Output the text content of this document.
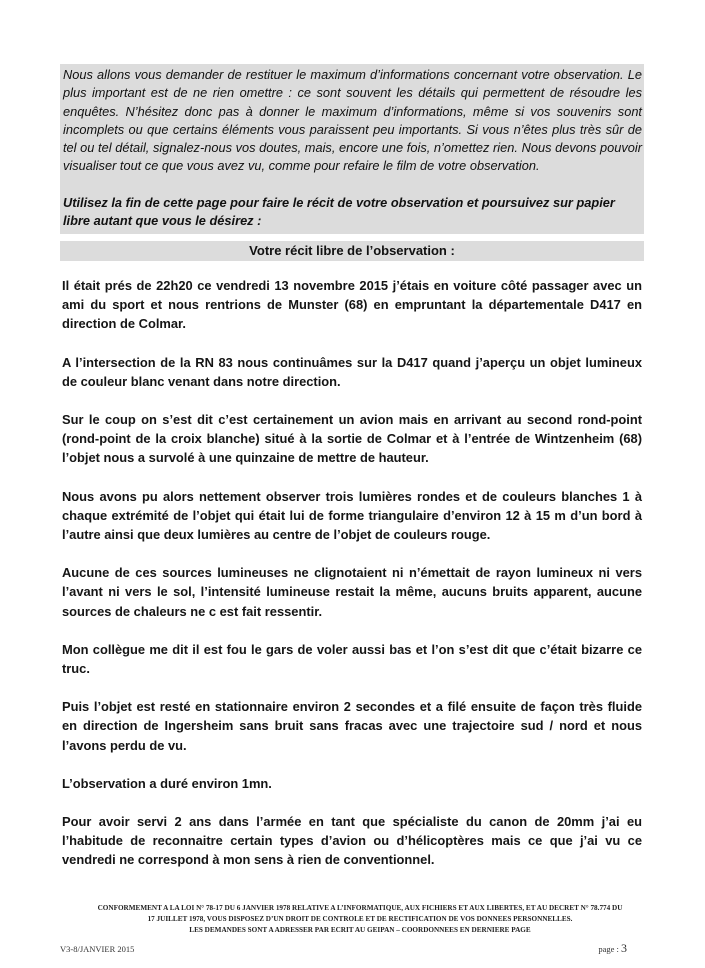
Nous allons vous demander de restituer le maximum d’informations concernant votre observation. Le plus important est de ne rien omettre : ce sont souvent les détails qui permettent de résoudre les enquêtes. N’hésitez donc pas à donner le maximum d’informations, même si vos souvenirs sont incomplets ou que certains éléments vous paraissent peu importants. Si vous n’êtes plus très sûr de tel ou tel détail, signalez-nous vos doutes, mais, encore une fois, n’omettez rien. Nous devons pouvoir visualiser tout ce que vous avez vu, comme pour refaire le film de votre observation.

Utilisez la fin de cette page pour faire le récit de votre observation et poursuivez sur papier libre autant que vous le désirez :

Votre récit libre de l’observation :

Il était prés de 22h20 ce vendredi 13 novembre 2015 j’étais en voiture côté passager avec un ami du sport et nous rentrions de Munster (68) en empruntant la départementale D417 en direction de Colmar.

A l’intersection de la RN 83 nous continuâmes sur la D417 quand j’aperçu un objet lumineux de couleur blanc venant dans notre direction.

Sur le coup on s’est dit c’est certainement un avion mais en arrivant au second rond-point (rond-point de la croix blanche) situé à la sortie de Colmar et à l’entrée de Wintzenheim (68) l’objet nous a survolé à une quinzaine de mettre de hauteur.

Nous avons pu alors nettement observer trois lumières rondes et de couleurs blanches 1 à chaque extrémité de l’objet qui était lui de forme triangulaire d’environ 12 à 15 m d’un bord à l’autre ainsi que deux lumières au centre de l’objet de couleurs rouge.

Aucune de ces sources lumineuses ne clignotaient ni n’émettait de rayon lumineux ni vers l’avant ni vers le sol, l’intensité lumineuse restait la même, aucuns bruits apparent, aucune sources de chaleurs ne c est fait ressentir.

Mon collègue me dit il est fou le gars de voler aussi bas et l’on s’est dit que c’était bizarre ce truc.

Puis l’objet est resté en stationnaire environ 2 secondes et a filé ensuite de façon très fluide en direction de Ingersheim sans bruit sans fracas avec une trajectoire sud / nord et nous l’avons perdu de vu.

L’observation a duré environ 1mn.

Pour avoir servi 2 ans dans l’armée en tant que spécialiste du canon de 20mm j’ai eu l’habitude de reconnaitre certain types d’avion ou d’hélicoptères mais ce que j’ai vu ce vendredi ne correspond à mon sens à rien de conventionnel.

CONFORMEMENT A LA LOI N° 78-17 DU 6 JANVIER 1978 RELATIVE A L’INFORMATIQUE, AUX FICHIERS ET AUX LIBERTES, ET AU DECRET N° 78.774 DU
17 JUILLET 1978, VOUS DISPOSEZ D’UN DROIT DE CONTROLE ET DE RECTIFICATION DE VOS DONNEES PERSONNELLES.
LES DEMANDES SONT A ADRESSER PAR ECRIT AU GEIPAN – COORDONNEES EN DERNIERE PAGE
V3-8/JANVIER 2015	page : 3
